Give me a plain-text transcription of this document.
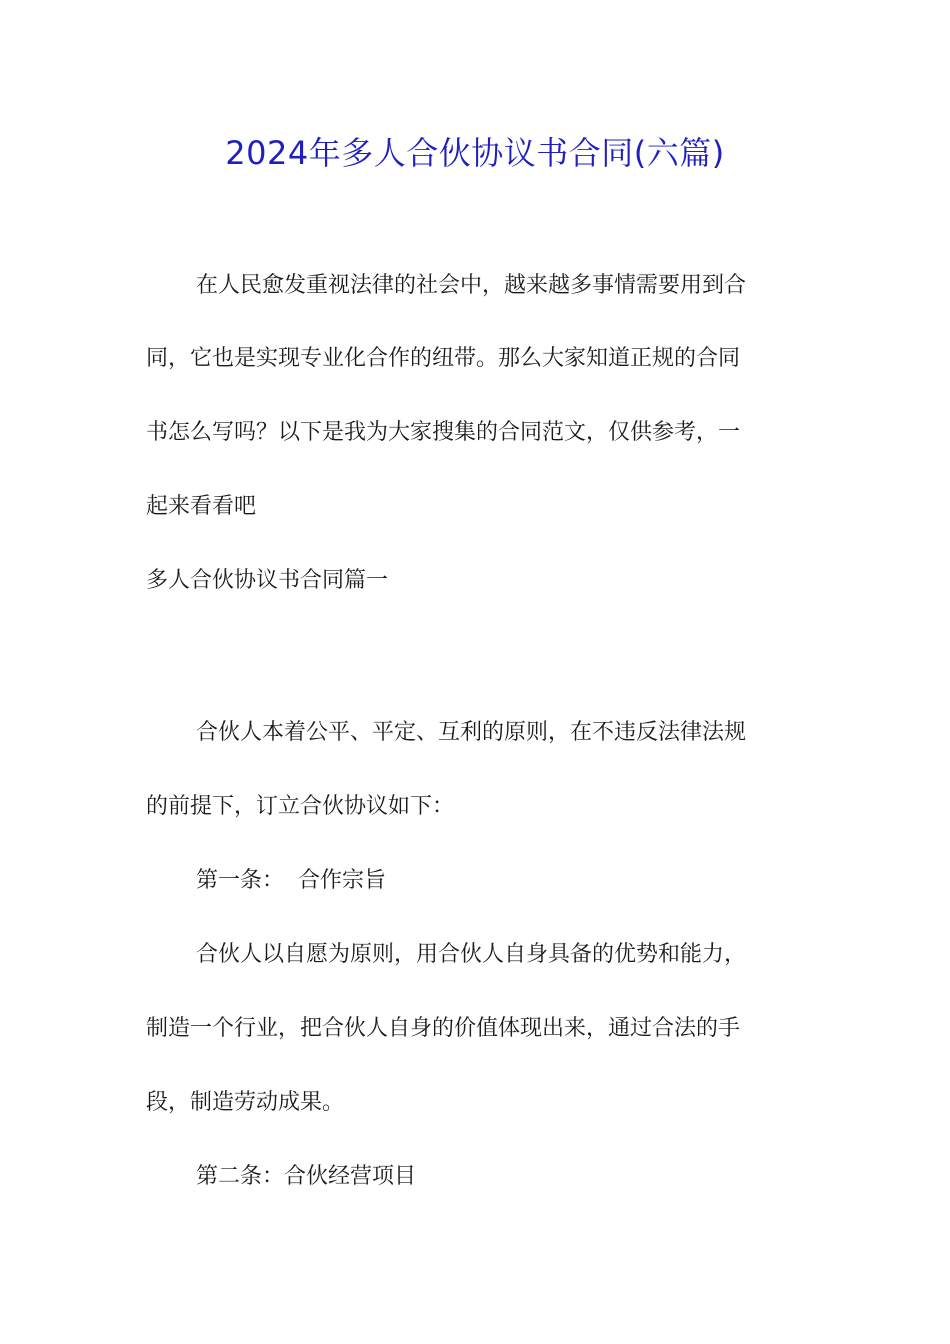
2024年多人合伙协议书合同(六篇)

在人民愈发重视法律的社会中，越来越多事情需要用到合

同，它也是实现专业化合作的纽带。那么大家知道正规的合同

书怎么写吗？以下是我为大家搜集的合同范文，仅供参考，一

起来看看吧

多人合伙协议书合同篇一

合伙人本着公平、平定、互利的原则，在不违反法律法规

的前提下，订立合伙协议如下：

第一条：  合作宗旨

合伙人以自愿为原则，用合伙人自身具备的优势和能力，

制造一个行业，把合伙人自身的价值体现出来，通过合法的手

段，制造劳动成果。

第二条：合伙经营项目
